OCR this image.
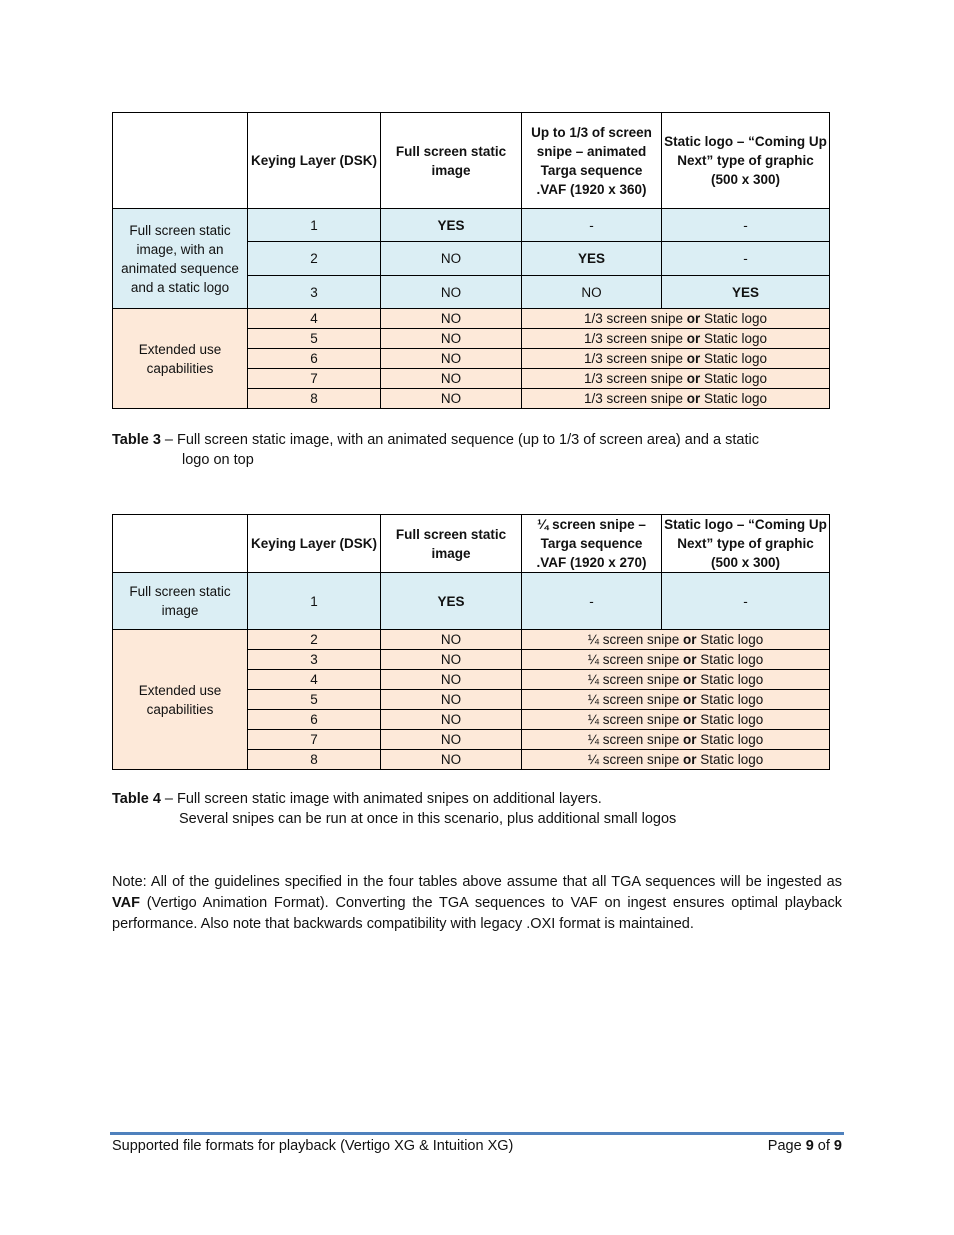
	Keying Layer (DSK)	Full screen static image	Up to 1/3 of screen snipe – animated Targa sequence .VAF (1920 x 360)	Static logo – “Coming Up Next” type of graphic (500 x 300)
Full screen static image, with an animated sequence and a static logo	1	YES	-	-
	2	NO	YES	-
	3	NO	NO	YES
Extended use capabilities	4	NO	1/3 screen snipe or Static logo	
	5	NO	1/3 screen snipe or Static logo	
	6	NO	1/3 screen snipe or Static logo	
	7	NO	1/3 screen snipe or Static logo	
	8	NO	1/3 screen snipe or Static logo	
Table 3 – Full screen static image, with an animated sequence (up to 1/3 of screen area) and a static
logo on top
	Keying Layer (DSK)	Full screen static image	¼ screen snipe – Targa sequence .VAF (1920 x 270)	Static logo – “Coming Up Next” type of graphic (500 x 300)
Full screen static image	1	YES	-	-
Extended use capabilities	2	NO	¼ screen snipe or Static logo	
	3	NO	¼ screen snipe or Static logo	
	4	NO	¼ screen snipe or Static logo	
	5	NO	¼ screen snipe or Static logo	
	6	NO	¼ screen snipe or Static logo	
	7	NO	¼ screen snipe or Static logo	
	8	NO	¼ screen snipe or Static logo	
Table 4 – Full screen static image with animated snipes on additional layers.
Several snipes can be run at once in this scenario, plus additional small logos
Note: All of the guidelines specified in the four tables above assume that all TGA sequences will be ingested as VAF (Vertigo Animation Format). Converting the TGA sequences to VAF on ingest ensures optimal playback performance. Also note that backwards compatibility with legacy .OXI format is maintained.
Supported file formats for playback (Vertigo XG & Intuition XG)	Page 9 of 9
